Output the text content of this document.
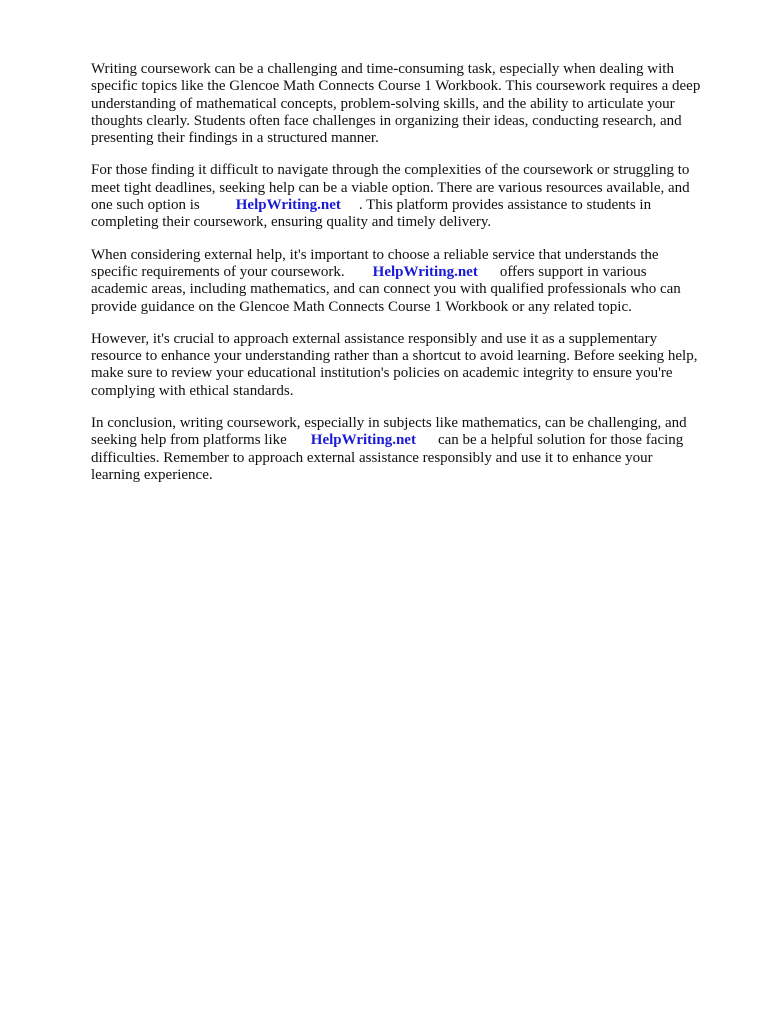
Writing coursework can be a challenging and time-consuming task, especially when dealing with
specific topics like the Glencoe Math Connects Course 1 Workbook. This coursework requires a deep
understanding of mathematical concepts, problem-solving skills, and the ability to articulate your
thoughts clearly. Students often face challenges in organizing their ideas, conducting research, and
presenting their findings in a structured manner.

For those finding it difficult to navigate through the complexities of the coursework or struggling to
meet tight deadlines, seeking help can be a viable option. There are various resources available, and
one such option is HelpWriting.net . This platform provides assistance to students in
completing their coursework, ensuring quality and timely delivery.

When considering external help, it's important to choose a reliable service that understands the
specific requirements of your coursework. HelpWriting.net offers support in various
academic areas, including mathematics, and can connect you with qualified professionals who can
provide guidance on the Glencoe Math Connects Course 1 Workbook or any related topic.

However, it's crucial to approach external assistance responsibly and use it as a supplementary
resource to enhance your understanding rather than a shortcut to avoid learning. Before seeking help,
make sure to review your educational institution's policies on academic integrity to ensure you're
complying with ethical standards.

In conclusion, writing coursework, especially in subjects like mathematics, can be challenging, and
seeking help from platforms like HelpWriting.net can be a helpful solution for those facing
difficulties. Remember to approach external assistance responsibly and use it to enhance your
learning experience.
